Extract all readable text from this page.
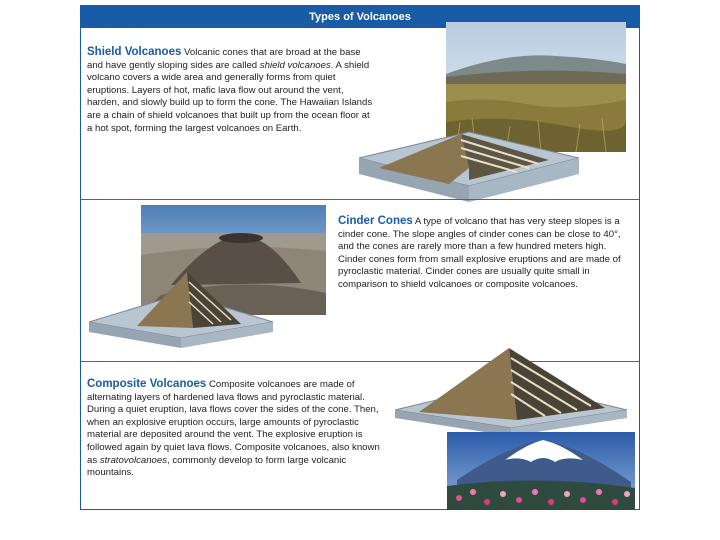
Types of Volcanoes
Shield Volcanoes Volcanic cones that are broad at the base and have gently sloping sides are called shield volcanoes. A shield volcano covers a wide area and generally forms from quiet eruptions. Layers of hot, mafic lava flow out around the vent, harden, and slowly build up to form the cone. The Hawaiian Islands are a chain of shield volcanoes that built up from the ocean floor at a hot spot, forming the largest volcanoes on Earth.
Cinder Cones A type of volcano that has very steep slopes is a cinder cone. The slope angles of cinder cones can be close to 40°, and the cones are rarely more than a few hundred meters high. Cinder cones form from small explosive eruptions and are made of pyroclastic material. Cinder cones are usually quite small in comparison to shield volcanoes or composite volcanoes.
Composite Volcanoes Composite volcanoes are made of alternating layers of hardened lava flows and pyroclastic material. During a quiet eruption, lava flows cover the sides of the cone. Then, when an explosive eruption occurs, large amounts of pyroclastic material are deposited around the vent. The explosive eruption is followed again by quiet lava flows. Composite volcanoes, also known as stratovolcanoes, commonly develop to form large volcanic mountains.
